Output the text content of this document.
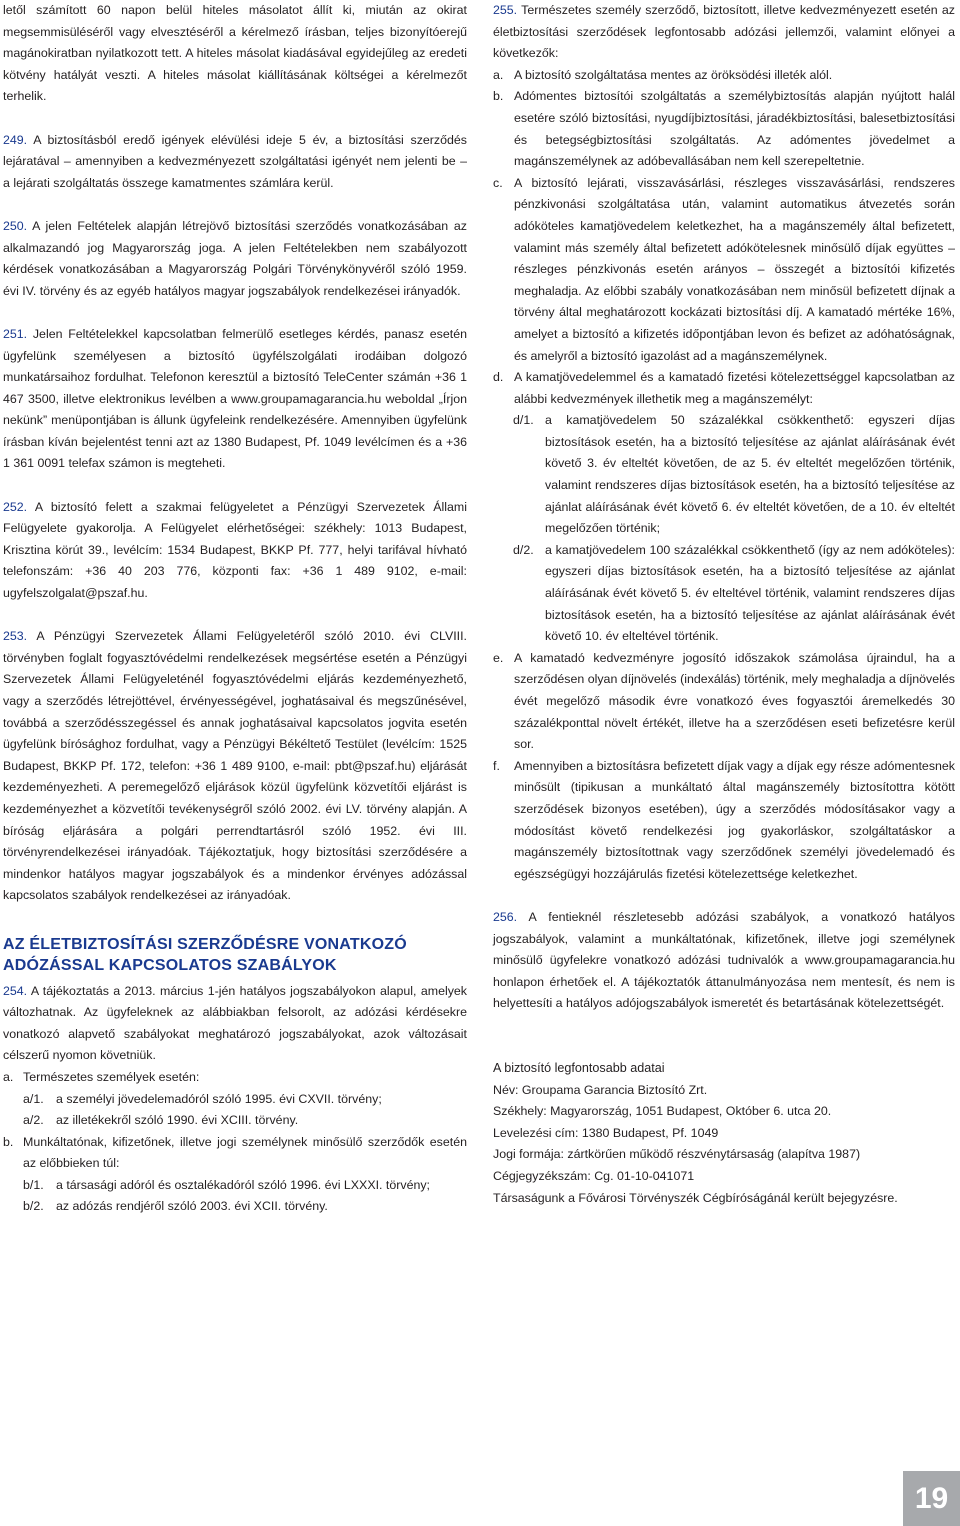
letől számított 60 napon belül hiteles másolatot állít ki, miután az okirat megsemmisüléséről vagy elvesztéséről a kérelmező írásban, teljes bizonyítóerejű magánokiratban nyilatkozott tett. A hiteles másolat kiadásával egyidejűleg az eredeti kötvény hatályát veszti. A hiteles másolat kiállításának költségei a kérelmezőt terhelik.

249. A biztosításból eredő igények elévülési ideje 5 év, a biztosítási szerződés lejáratával – amennyiben a kedvezményezett szolgáltatási igényét nem jelenti be – a lejárati szolgáltatás összege kamatmentes számlára kerül.

250. A jelen Feltételek alapján létrejövő biztosítási szerződés vonatkozásában az alkalmazandó jog Magyarország joga. A jelen Feltételekben nem szabályozott kérdések vonatkozásában a Magyarország Polgári Törvénykönyvéről szóló 1959. évi IV. törvény és az egyéb hatályos magyar jogszabályok rendelkezései irányadók.

251. Jelen Feltételekkel kapcsolatban felmerülő esetleges kérdés, panasz esetén ügyfelünk személyesen a biztosító ügyfélszolgálati irodáiban dolgozó munkatársaihoz fordulhat. Telefonon keresztül a biztosító TeleCenter számán +36 1 467 3500, illetve elektronikus levélben a www.groupamagarancia.hu weboldal „Írjon nekünk” menüpontjában is állunk ügyfeleink rendelkezésére. Amennyiben ügyfelünk írásban kíván bejelentést tenni azt az 1380 Budapest, Pf. 1049 levélcímen és a +36 1 361 0091 telefax számon is megteheti.

252. A biztosító felett a szakmai felügyeletet a Pénzügyi Szervezetek Állami Felügyelete gyakorolja. A Felügyelet elérhetőségei: székhely: 1013 Budapest, Krisztina körút 39., levélcím: 1534 Budapest, BKKP Pf. 777, helyi tarifával hívható telefonszám: +36 40 203 776, központi fax: +36 1 489 9102, e-mail: ugyfelszolgalat@pszaf.hu.

253. A Pénzügyi Szervezetek Állami Felügyeletéről szóló 2010. évi CLVIII. törvényben foglalt fogyasztóvédelmi rendelkezések megsértése esetén a Pénzügyi Szervezetek Állami Felügyeleténél fogyasztóvédelmi eljárás kezdeményezhető, vagy a szerződés létrejöttével, érvényességével, joghatásaival és megszűnésével, továbbá a szerződésszegéssel és annak joghatásaival kapcsolatos jogvita esetén ügyfelünk bírósághoz fordulhat, vagy a Pénzügyi Békéltető Testület (levélcím: 1525 Budapest, BKKP Pf. 172, telefon: +36 1 489 9100, e-mail: pbt@pszaf.hu) eljárását kezdeményezheti. A peremegelőző eljárások közül ügyfelünk közvetítői eljárást is kezdeményezhet a közvetítői tevékenységről szóló 2002. évi LV. törvény alapján. A bíróság eljárására a polgári perrendtartásról szóló 1952. évi III. törvényrendelkezései irányadóak. Tájékoztatjuk, hogy biztosítási szerződésére a mindenkor hatályos magyar jogszabályok és a mindenkor érvényes adózással kapcsolatos szabályok rendelkezései az irányadóak.

AZ ÉLETBIZTOSÍTÁSI SZERZŐDÉSRE VONATKOZÓ
ADÓZÁSSAL KAPCSOLATOS SZABÁLYOK

254. A tájékoztatás a 2013. március 1-jén hatályos jogszabályokon alapul, amelyek változhatnak. Az ügyfeleknek az alábbiakban felsorolt, az adózási kérdésekre vonatkozó alapvető szabályokat meghatározó jogszabályokat, azok változásait célszerű nyomon követniük.

a. Természetes személyek esetén:
a/1. a személyi jövedelemadóról szóló 1995. évi CXVII. törvény;
a/2. az illetékekről szóló 1990. évi XCIII. törvény.
b. Munkáltatónak, kifizetőnek, illetve jogi személynek minősülő szerződők esetén az előbbieken túl:
b/1. a társasági adóról és osztalékadóról szóló 1996. évi LXXXI. törvény;
b/2. az adózás rendjéről szóló 2003. évi XCII. törvény.

255. Természetes személy szerződő, biztosított, illetve kedvezményezett esetén az életbiztosítási szerződések legfontosabb adózási jellemzői, valamint előnyei a következők:

a. A biztosító szolgáltatása mentes az öröksödési illeték alól.
b. Adómentes biztosítói szolgáltatás a személybiztosítás alapján nyújtott halál esetére szóló biztosítási, nyugdíjbiztosítási, járadékbiztosítási, balesetbiztosítási és betegségbiztosítási szolgáltatás. Az adómentes jövedelmet a magánszemélynek az adóbevallásában nem kell szerepeltetnie.
c. A biztosító lejárati, visszavásárlási, részleges visszavásárlási, rendszeres pénzkivonási szolgáltatása után, valamint automatikus átvezetés során adóköteles kamatjövedelem keletkezhet, ha a magánszemély által befizetett, valamint más személy által befizetett adókötelesnek minősülő díjak együttes – részleges pénzkivonás esetén arányos – összegét a biztosítói kifizetés meghaladja. Az előbbi szabály vonatkozásában nem minősül befizetett díjnak a törvény által meghatározott kockázati biztosítási díj. A kamatadó mértéke 16%, amelyet a biztosító a kifizetés időpontjában levon és befizet az adóhatóságnak, és amelyről a biztosító igazolást ad a magánszemélynek.
d. A kamatjövedelemmel és a kamatadó fizetési kötelezettséggel kapcsolatban az alábbi kedvezmények illethetik meg a magánszemélyt:
d/1. a kamatjövedelem 50 százalékkal csökkenthető: egyszeri díjas biztosítások esetén, ha a biztosító teljesítése az ajánlat aláírásának évét követő 3. év elteltét követően, de az 5. év elteltét megelőzően történik, valamint rendszeres díjas biztosítások esetén, ha a biztosító teljesítése az ajánlat aláírásának évét követő 6. év elteltét követően, de a 10. év elteltét megelőzően történik;
d/2. a kamatjövedelem 100 százalékkal csökkenthető (így az nem adóköteles): egyszeri díjas biztosítások esetén, ha a biztosító teljesítése az ajánlat aláírásának évét követő 5. év elteltével történik, valamint rendszeres díjas biztosítások esetén, ha a biztosító teljesítése az ajánlat aláírásának évét követő 10. év elteltével történik.
e. A kamatadó kedvezményre jogosító időszakok számolása újraindul, ha a szerződésen olyan díjnövelés (indexálás) történik, mely meghaladja a díjnövelés évét megelőző második évre vonatkozó éves fogyasztói áremelkedés 30 százalékponttal növelt értékét, illetve ha a szerződésen eseti befizetésre kerül sor.
f. Amennyiben a biztosításra befizetett díjak vagy a díjak egy része adómentesnek minősült (tipikusan a munkáltató által magánszemély biztosítottra kötött szerződések bizonyos esetében), úgy a szerződés módosításakor vagy a módosítást követő rendelkezési jog gyakorláskor, szolgáltatáskor a magánszemély biztosítottnak vagy szerződőnek személyi jövedelemadó és egészségügyi hozzájárulás fizetési kötelezettsége keletkezhet.

256. A fentieknél részletesebb adózási szabályok, a vonatkozó hatályos jogszabályok, valamint a munkáltatónak, kifizetőnek, illetve jogi személynek minősülő ügyfelekre vonatkozó adózási tudnivalók a www.groupamagarancia.hu honlapon érhetőek el. A tájékoztatók áttanulmányozása nem mentesít, és nem is helyettesíti a hatályos adójogszabályok ismeretét és betartásának kötelezettségét.

A biztosító legfontosabb adatai
Név: Groupama Garancia Biztosító Zrt.
Székhely: Magyarország, 1051 Budapest, Október 6. utca 20.
Levelezési cím: 1380 Budapest, Pf. 1049
Jogi formája: zártkörűen működő részvénytársaság (alapítva 1987)
Cégjegyzékszám: Cg. 01-10-041071
Társaságunk a Fővárosi Törvényszék Cégbíróságánál került bejegyzésre.
19
